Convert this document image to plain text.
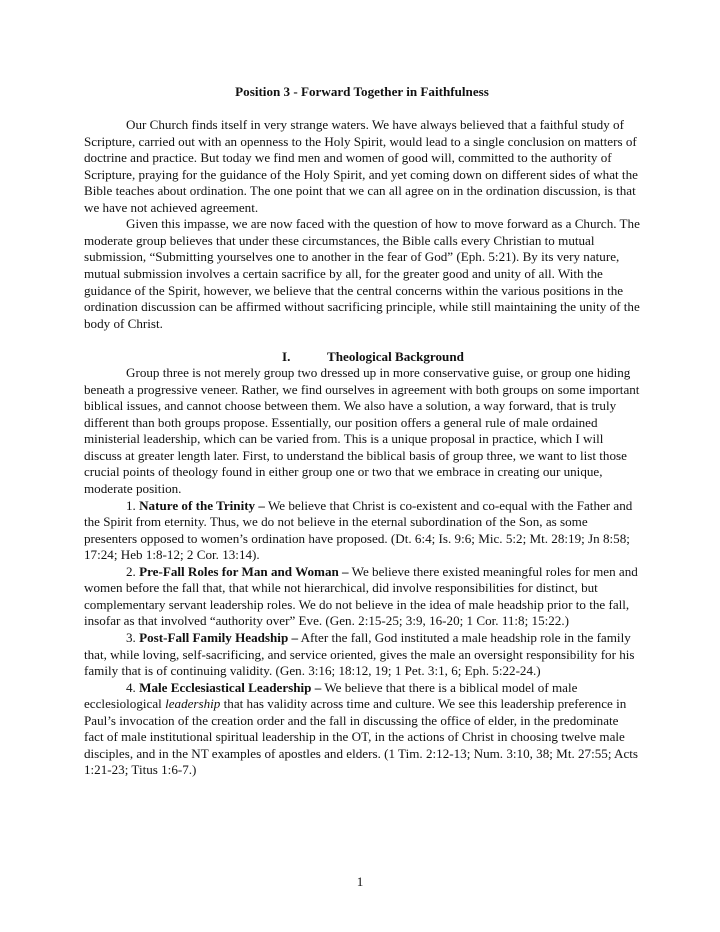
Position 3 - Forward Together in Faithfulness

Our Church finds itself in very strange waters. We have always believed that a faithful study of Scripture, carried out with an openness to the Holy Spirit, would lead to a single conclusion on matters of doctrine and practice. But today we find men and women of good will, committed to the authority of Scripture, praying for the guidance of the Holy Spirit, and yet coming down on different sides of what the Bible teaches about ordination. The one point that we can all agree on in the ordination discussion, is that we have not achieved agreement.

Given this impasse, we are now faced with the question of how to move forward as a Church. The moderate group believes that under these circumstances, the Bible calls every Christian to mutual submission, “Submitting yourselves one to another in the fear of God” (Eph. 5:21). By its very nature, mutual submission involves a certain sacrifice by all, for the greater good and unity of all. With the guidance of the Spirit, however, we believe that the central concerns within the various positions in the ordination discussion can be affirmed without sacrificing principle, while still maintaining the unity of the body of Christ.

I.	Theological Background

Group three is not merely group two dressed up in more conservative guise, or group one hiding beneath a progressive veneer. Rather, we find ourselves in agreement with both groups on some important biblical issues, and cannot choose between them. We also have a solution, a way forward, that is truly different than both groups propose. Essentially, our position offers a general rule of male ordained ministerial leadership, which can be varied from. This is a unique proposal in practice, which I will discuss at greater length later. First, to understand the biblical basis of group three, we want to list those crucial points of theology found in either group one or two that we embrace in creating our unique, moderate position.

1. Nature of the Trinity – We believe that Christ is co-existent and co-equal with the Father and the Spirit from eternity. Thus, we do not believe in the eternal subordination of the Son, as some presenters opposed to women’s ordination have proposed. (Dt. 6:4; Is. 9:6; Mic. 5:2; Mt. 28:19; Jn 8:58; 17:24; Heb 1:8-12; 2 Cor. 13:14).

2. Pre-Fall Roles for Man and Woman – We believe there existed meaningful roles for men and women before the fall that, that while not hierarchical, did involve responsibilities for distinct, but complementary servant leadership roles. We do not believe in the idea of male headship prior to the fall, insofar as that involved “authority over” Eve. (Gen. 2:15-25; 3:9, 16-20; 1 Cor. 11:8; 15:22.)

3. Post-Fall Family Headship – After the fall, God instituted a male headship role in the family that, while loving, self-sacrificing, and service oriented, gives the male an oversight responsibility for his family that is of continuing validity. (Gen. 3:16; 18:12, 19; 1 Pet. 3:1, 6; Eph. 5:22-24.)

4. Male Ecclesiastical Leadership – We believe that there is a biblical model of male ecclesiological leadership that has validity across time and culture. We see this leadership preference in Paul’s invocation of the creation order and the fall in discussing the office of elder, in the predominate fact of male institutional spiritual leadership in the OT, in the actions of Christ in choosing twelve male disciples, and in the NT examples of apostles and elders. (1 Tim. 2:12-13; Num. 3:10, 38; Mt. 27:55; Acts 1:21-23; Titus 1:6-7.)

1
